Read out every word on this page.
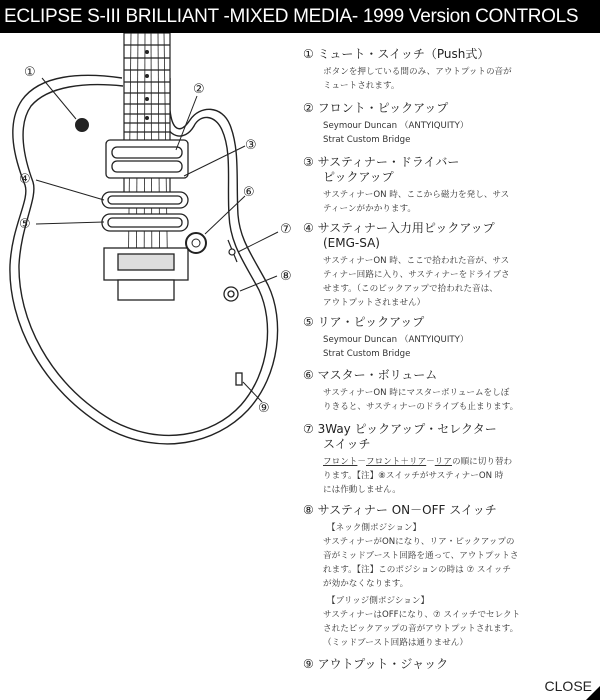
ECLIPSE S-III BRILLIANT -MIXED MEDIA- 1999 Version CONTROLS
①
②
③
④
⑤
⑥
⑦
⑧
⑨
① ミュート・スイッチ（Push式）
ボタンを押している間のみ、アウトプットの音が
ミュートされます。
② フロント・ピックアップ
Seymour Duncan （ANTYIQUITY）
Strat Custom Bridge
③ サスティナー・ドライバー
ピックアップ
サスティナーON 時、ここから磁力を発し、サス
ティーンがかかります。
④ サスティナー入力用ピックアップ
(EMG-SA)
サスティナーON 時、ここで拾われた音が、サス
ティナー回路に入り、サスティナーをドライブさ
せます。（このピックアップで拾われた音は、
アウトプットされません）
⑤ リア・ピックアップ
Seymour Duncan （ANTYIQUITY）
Strat Custom Bridge
⑥ マスター・ボリューム
サスティナーON 時にマスターボリュームをしぼ
りきると、サスティナーのドライブも止まります。
⑦ 3Way ピックアップ・セレクター
スイッチ
フロント－フロント＋リア－リアの順に切り替わ
ります。【注】⑧スイッチがサスティナーON 時
には作動しません。
⑧ サスティナー ON－OFF スイッチ
【ネック側ポジション】
サスティナーがONになり、リア・ピックアップの
音がミッドブースト回路を通って、アウトプットさ
れます。【注】このポジションの時は ⑦ スイッチ
が効かなくなります。
【ブリッジ側ポジション】
サスティナーはOFFになり、⑦ スイッチでセレクト
されたピックアップの音がアウトプットされます。
（ミッドブースト回路は通りません）
⑨ アウトプット・ジャック
CLOSE
